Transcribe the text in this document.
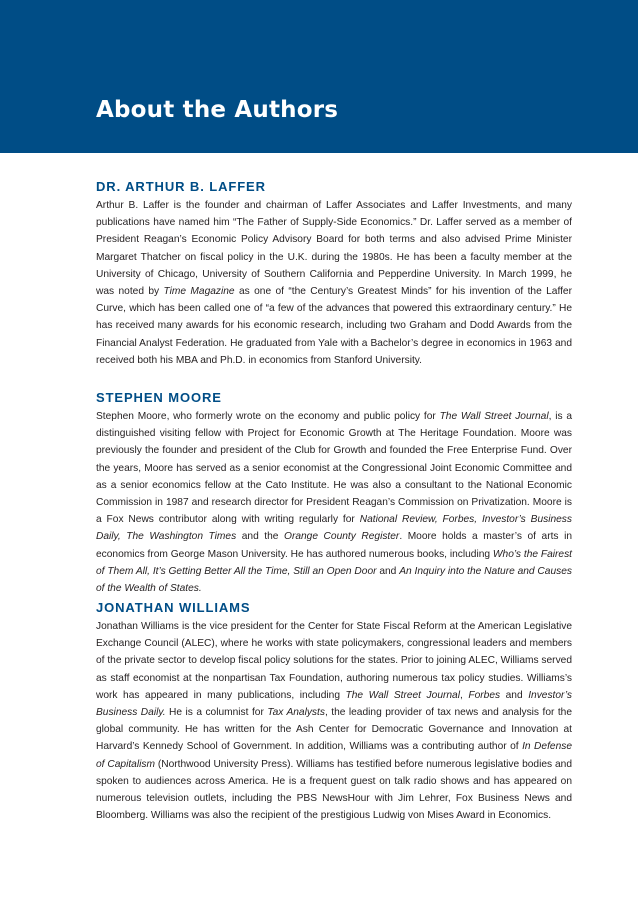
About the Authors
DR. ARTHUR B. LAFFER

Arthur B. Laffer is the founder and chairman of Laffer Associates and Laffer Investments, and many publications have named him “The Father of Supply-Side Economics.” Dr. Laffer served as a member of President Reagan’s Economic Policy Advisory Board for both terms and also advised Prime Minister Margaret Thatcher on fiscal policy in the U.K. during the 1980s. He has been a faculty member at the University of Chicago, University of Southern California and Pepperdine University. In March 1999, he was noted by Time Magazine as one of “the Century’s Greatest Minds” for his invention of the Laffer Curve, which has been called one of “a few of the advances that powered this extraordinary century.” He has received many awards for his economic research, including two Graham and Dodd Awards from the Financial Analyst Federation. He graduated from Yale with a Bachelor’s degree in economics in 1963 and received both his MBA and Ph.D. in economics from Stanford University.

STEPHEN MOORE

Stephen Moore, who formerly wrote on the economy and public policy for The Wall Street Journal, is a distinguished visiting fellow with Project for Economic Growth at The Heritage Foundation. Moore was previously the founder and president of the Club for Growth and founded the Free Enterprise Fund. Over the years, Moore has served as a senior economist at the Congressional Joint Economic Committee and as a senior economics fellow at the Cato Institute. He was also a consultant to the National Economic Commission in 1987 and research director for President Reagan’s Commission on Privatization. Moore is a Fox News contributor along with writing regularly for National Review, Forbes, Investor’s Business Daily, The Washington Times and the Orange County Register. Moore holds a master’s of arts in economics from George Mason University. He has authored numerous books, including Who’s the Fairest of Them All, It’s Getting Better All the Time, Still an Open Door and An Inquiry into the Nature and Causes of the Wealth of States.

JONATHAN WILLIAMS

Jonathan Williams is the vice president for the Center for State Fiscal Reform at the American Legislative Exchange Council (ALEC), where he works with state policymakers, congressional leaders and members of the private sector to develop fiscal policy solutions for the states. Prior to joining ALEC, Williams served as staff economist at the nonpartisan Tax Foundation, authoring numerous tax policy studies. Williams’s work has appeared in many publications, including The Wall Street Journal, Forbes and Investor’s Business Daily. He is a columnist for Tax Analysts, the leading provider of tax news and analysis for the global community. He has written for the Ash Center for Democratic Governance and Innovation at Harvard’s Kennedy School of Government. In addition, Williams was a contributing author of In Defense of Capitalism (Northwood University Press). Williams has testified before numerous legislative bodies and spoken to audiences across America. He is a frequent guest on talk radio shows and has appeared on numerous television outlets, including the PBS NewsHour with Jim Lehrer, Fox Business News and Bloomberg. Williams was also the recipient of the prestigious Ludwig von Mises Award in Economics.
